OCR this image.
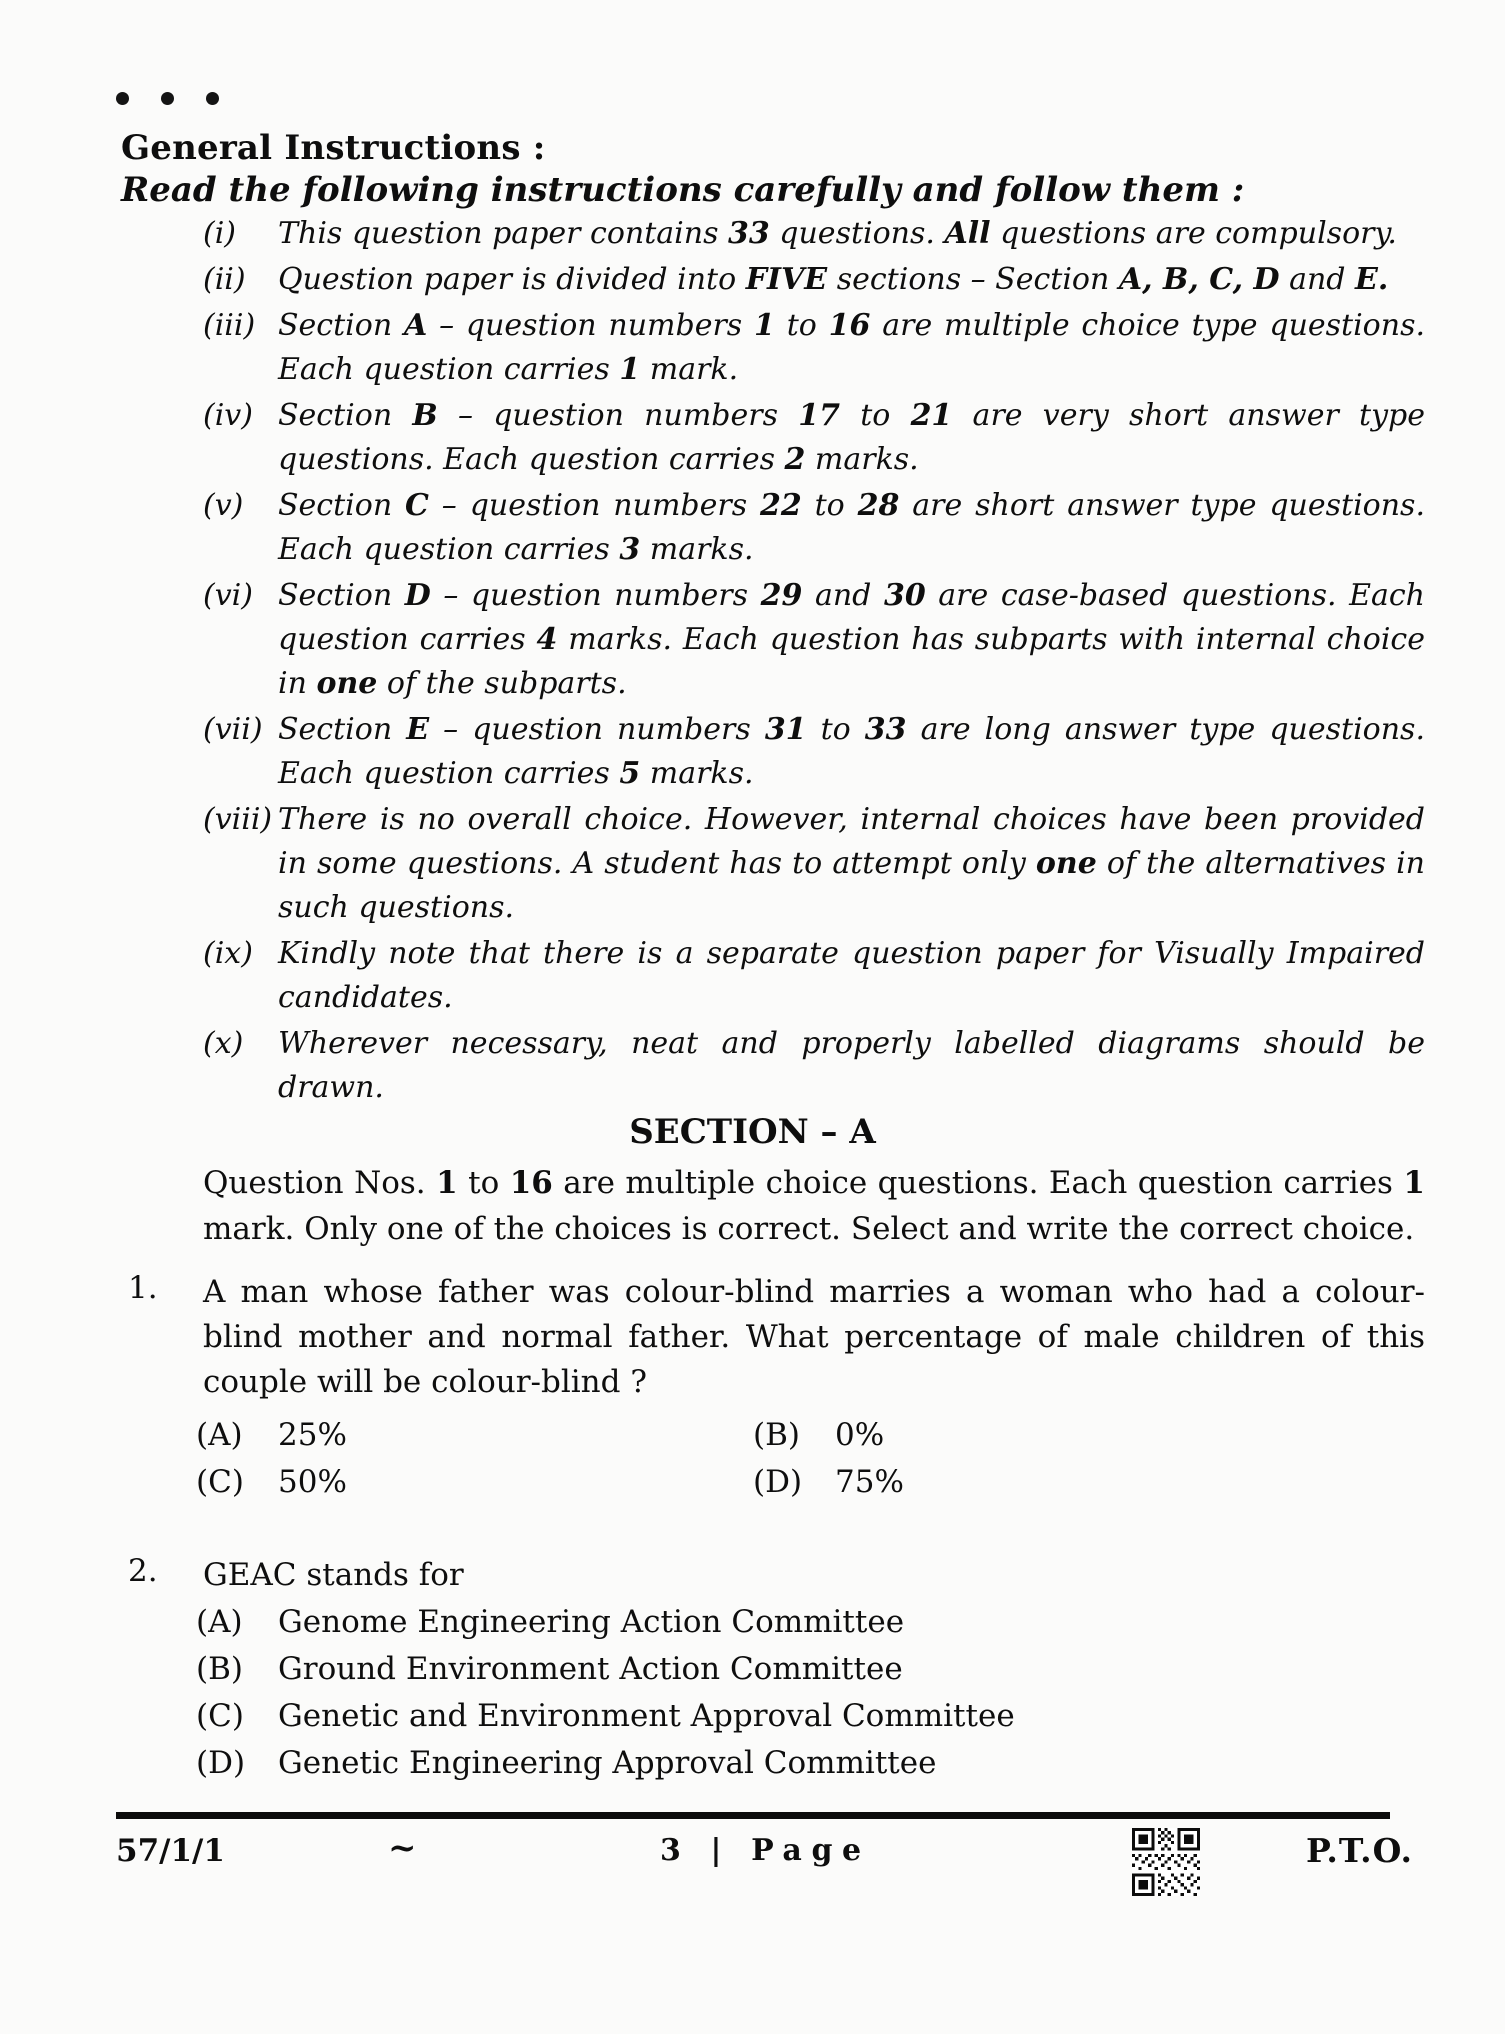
General Instructions :
Read the following instructions carefully and follow them :
(i)	This question paper contains 33 questions. All questions are compulsory.
(ii)	Question paper is divided into FIVE sections – Section A, B, C, D and E.
(iii) Section A – question numbers 1 to 16 are multiple choice type questions. Each question carries 1 mark.
(iv) Section B – question numbers 17 to 21 are very short answer type questions. Each question carries 2 marks.
(v)	Section C – question numbers 22 to 28 are short answer type questions. Each question carries 3 marks.
(vi) Section D – question numbers 29 and 30 are case-based questions. Each question carries 4 marks. Each question has subparts with internal choice in one of the subparts.
(vii) Section E – question numbers 31 to 33 are long answer type questions. Each question carries 5 marks.
(viii) There is no overall choice. However, internal choices have been provided in some questions. A student has to attempt only one of the alternatives in such questions.
(ix) Kindly note that there is a separate question paper for Visually Impaired candidates.
(x)	Wherever necessary, neat and properly labelled diagrams should be drawn.
SECTION – A
Question Nos. 1 to 16 are multiple choice questions. Each question carries 1 mark. Only one of the choices is correct. Select and write the correct choice.
1. A man whose father was colour-blind marries a woman who had a colour-blind mother and normal father. What percentage of male children of this couple will be colour-blind ?
(A)	25%	(B)	0%
(C)	50%	(D)	75%
2. GEAC stands for
(A)	Genome Engineering Action Committee
(B)	Ground Environment Action Committee
(C)	Genetic and Environment Approval Committee
(D)	Genetic Engineering Approval Committee
57/1/1	~	3 | Page	P.T.O.
